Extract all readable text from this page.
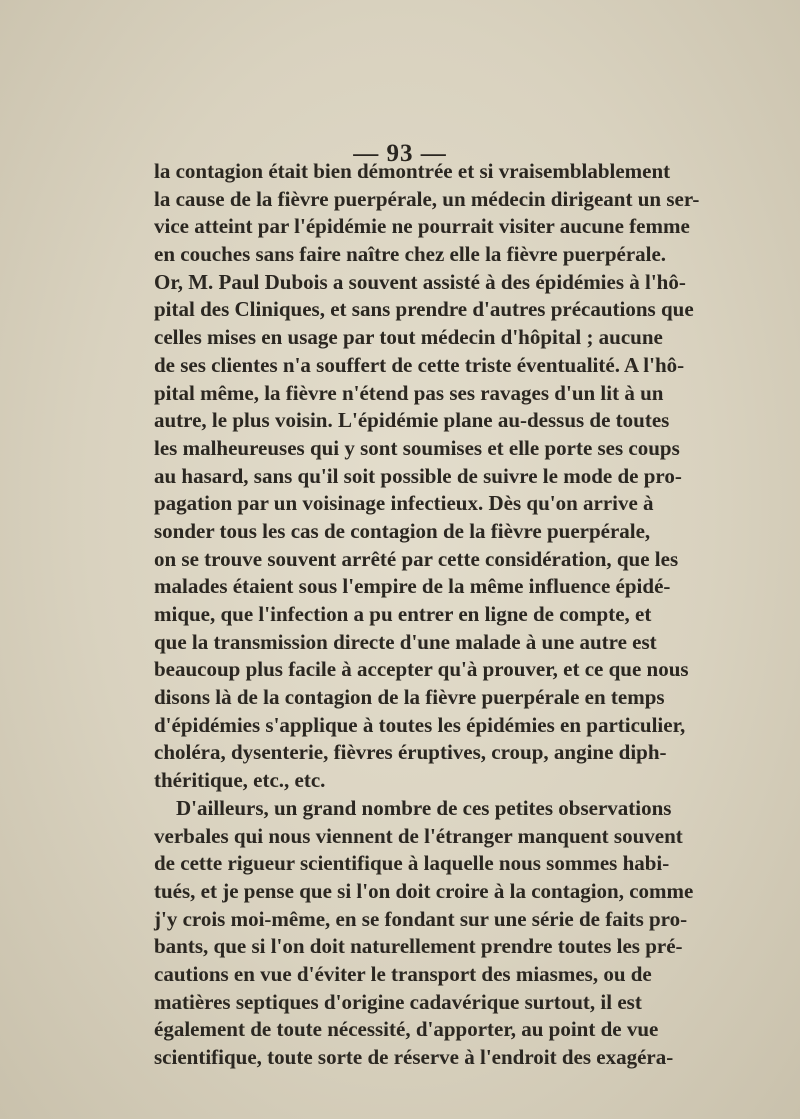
— 93 —
la contagion était bien démontrée et si vraisemblablement
la cause de la fièvre puerpérale, un médecin dirigeant un ser-
vice atteint par l'épidémie ne pourrait visiter aucune femme
en couches sans faire naître chez elle la fièvre puerpérale.
Or, M. Paul Dubois a souvent assisté à des épidémies à l'hô-
pital des Cliniques, et sans prendre d'autres précautions que
celles mises en usage par tout médecin d'hôpital ; aucune
de ses clientes n'a souffert de cette triste éventualité. A l'hô-
pital même, la fièvre n'étend pas ses ravages d'un lit à un
autre, le plus voisin. L'épidémie plane au-dessus de toutes
les malheureuses qui y sont soumises et elle porte ses coups
au hasard, sans qu'il soit possible de suivre le mode de pro-
pagation par un voisinage infectieux. Dès qu'on arrive à
sonder tous les cas de contagion de la fièvre puerpérale,
on se trouve souvent arrêté par cette considération, que les
malades étaient sous l'empire de la même influence épidé-
mique, que l'infection a pu entrer en ligne de compte, et
que la transmission directe d'une malade à une autre est
beaucoup plus facile à accepter qu'à prouver, et ce que nous
disons là de la contagion de la fièvre puerpérale en temps
d'épidémies s'applique à toutes les épidémies en particulier,
choléra, dysenterie, fièvres éruptives, croup, angine diph-
théritique, etc., etc.
D'ailleurs, un grand nombre de ces petites observations
verbales qui nous viennent de l'étranger manquent souvent
de cette rigueur scientifique à laquelle nous sommes habi-
tués, et je pense que si l'on doit croire à la contagion, comme
j'y crois moi-même, en se fondant sur une série de faits pro-
bants, que si l'on doit naturellement prendre toutes les pré-
cautions en vue d'éviter le transport des miasmes, ou de
matières septiques d'origine cadavérique surtout, il est
également de toute nécessité, d'apporter, au point de vue
scientifique, toute sorte de réserve à l'endroit des exagéra-
